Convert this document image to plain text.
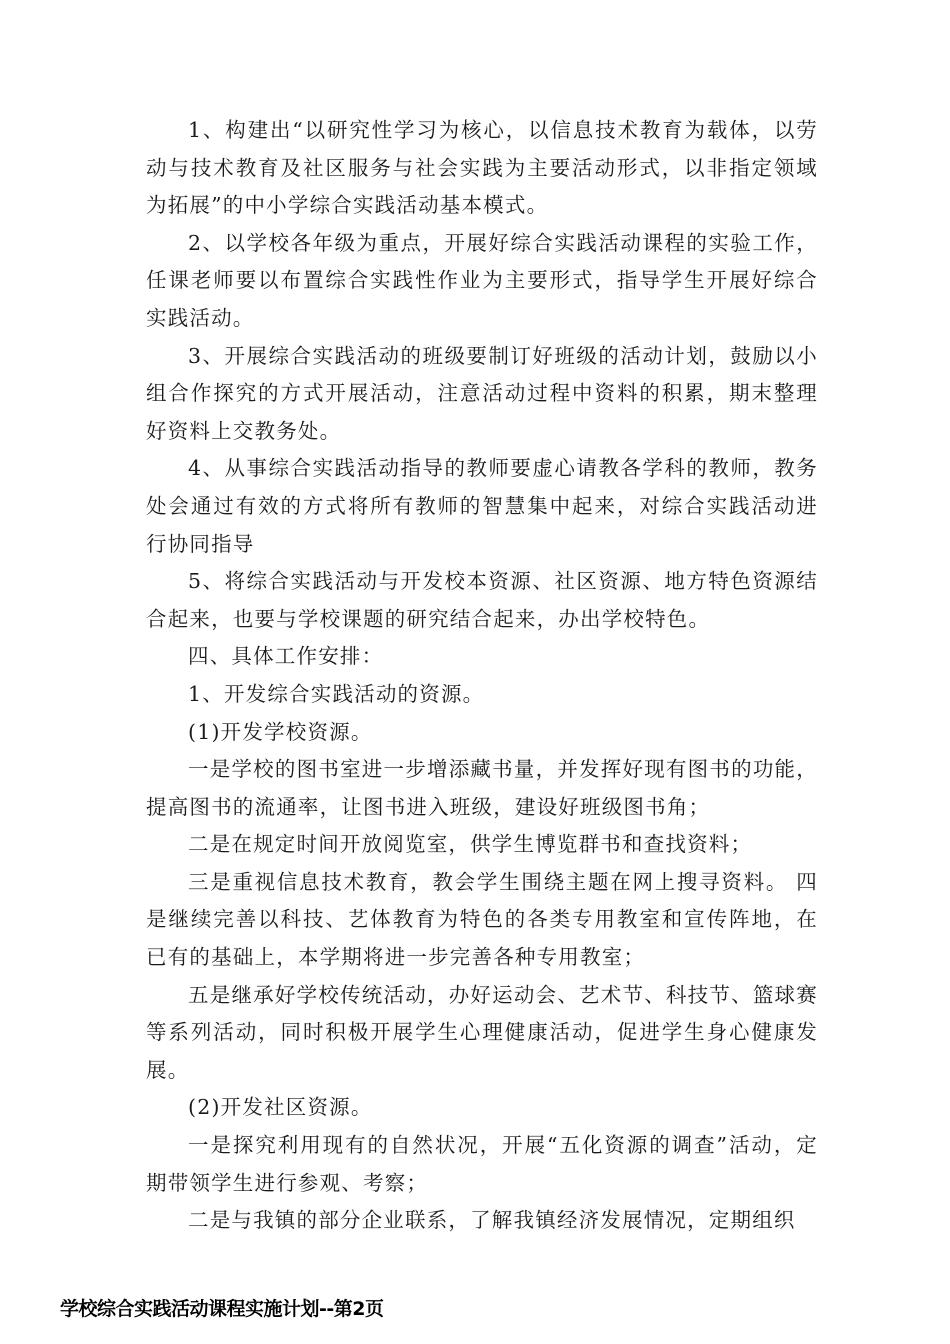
1、构建出“以研究性学习为核心，以信息技术教育为载体，以劳动与技术教育及社区服务与社会实践为主要活动形式，以非指定领域为拓展”的中小学综合实践活动基本模式。

2、以学校各年级为重点，开展好综合实践活动课程的实验工作，任课老师要以布置综合实践性作业为主要形式，指导学生开展好综合实践活动。

3、开展综合实践活动的班级要制订好班级的活动计划，鼓励以小组合作探究的方式开展活动，注意活动过程中资料的积累，期末整理好资料上交教务处。

4、从事综合实践活动指导的教师要虚心请教各学科的教师，教务处会通过有效的方式将所有教师的智慧集中起来，对综合实践活动进行协同指导

5、将综合实践活动与开发校本资源、社区资源、地方特色资源结合起来，也要与学校课题的研究结合起来，办出学校特色。

四、具体工作安排：

1、开发综合实践活动的资源。

(1)开发学校资源。

一是学校的图书室进一步增添藏书量，并发挥好现有图书的功能，提高图书的流通率，让图书进入班级，建设好班级图书角；

二是在规定时间开放阅览室，供学生博览群书和查找资料；

三是重视信息技术教育，教会学生围绕主题在网上搜寻资料。 四是继续完善以科技、艺体教育为特色的各类专用教室和宣传阵地，在已有的基础上，本学期将进一步完善各种专用教室；

五是继承好学校传统活动，办好运动会、艺术节、科技节、篮球赛等系列活动，同时积极开展学生心理健康活动，促进学生身心健康发展。

(2)开发社区资源。

一是探究利用现有的自然状况，开展“五化资源的调查”活动，定期带领学生进行参观、考察；

二是与我镇的部分企业联系，了解我镇经济发展情况，定期组织

学校综合实践活动课程实施计划--第2页
